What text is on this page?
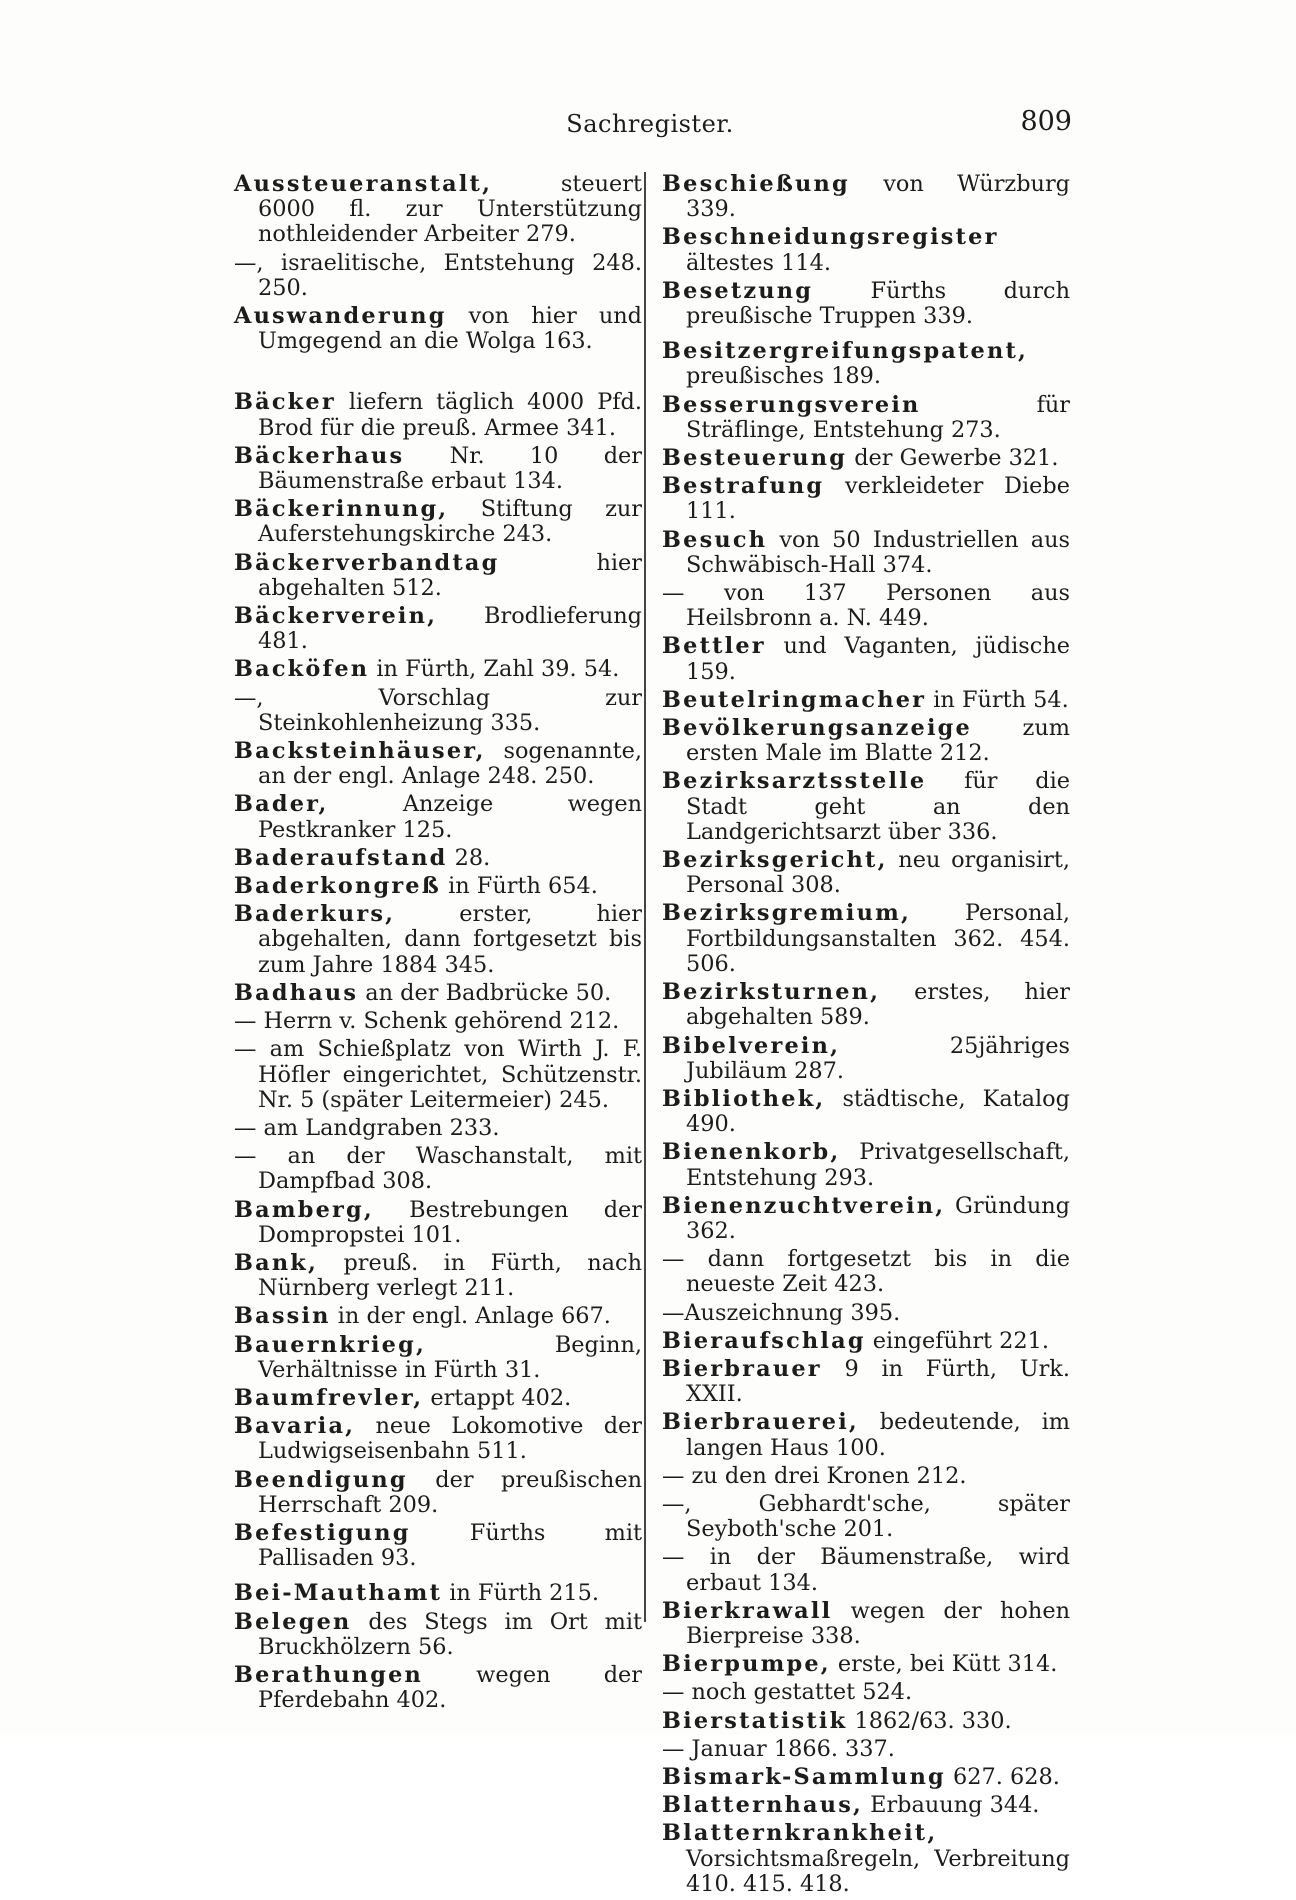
Sachregister.	809
Aussteueranstalt, steuert 6000 fl. zur Unterstützung nothleidender Arbeiter 279.
—, israelitische, Entstehung 248. 250.
Auswanderung von hier und Umgegend an die Wolga 163.
Bäcker liefern täglich 4000 Pfd. Brod für die preuß. Armee 341.
Bäckerhaus Nr. 10 der Bäumenstraße erbaut 134.
Bäckerinnung, Stiftung zur Auferstehungskirche 243.
Bäckerverbandtag hier abgehalten 512.
Bäckerverein, Brodlieferung 481.
Backöfen in Fürth, Zahl 39. 54.
—, Vorschlag zur Steinkohlenheizung 335.
Backsteinhäuser, sogenannte, an der engl. Anlage 248. 250.
Bader, Anzeige wegen Pestkranker 125.
Baderaufstand 28.
Baderkongreß in Fürth 654.
Baderkurs, erster, hier abgehalten, dann fortgesetzt bis zum Jahre 1884 345.
Badhaus an der Badbrücke 50.
— Herrn v. Schenk gehörend 212.
— am Schießplatz von Wirth J. F. Höfler eingerichtet, Schützenstr. Nr. 5 (später Leitermeier) 245.
— am Landgraben 233.
— an der Waschanstalt, mit Dampfbad 308.
Bamberg, Bestrebungen der Dompropstei 101.
Bank, preuß. in Fürth, nach Nürnberg verlegt 211.
Bassin in der engl. Anlage 667.
Bauernkrieg, Beginn, Verhältnisse in Fürth 31.
Baumfrevler, ertappt 402.
Bavaria, neue Lokomotive der Ludwigseisenbahn 511.
Beendigung der preußischen Herrschaft 209.
Befestigung Fürths mit Pallisaden 93.
Bei-Mauthamt in Fürth 215.
Belegen des Stegs im Ort mit Bruckhölzern 56.
Berathungen wegen der Pferdebahn 402.
Beschießung von Würzburg 339.
Beschneidungsregister ältestes 114.
Besetzung Fürths durch preußische Truppen 339.
Besitzergreifungspatent, preußisches 189.
Besserungsverein für Sträflinge, Entstehung 273.
Besteuerung der Gewerbe 321.
Bestrafung verkleideter Diebe 111.
Besuch von 50 Industriellen aus Schwäbisch-Hall 374.
— von 137 Personen aus Heilsbronn a. N. 449.
Bettler und Vaganten, jüdische 159.
Beutelringmacher in Fürth 54.
Bevölkerungsanzeige zum ersten Male im Blatte 212.
Bezirksarztsstelle für die Stadt geht an den Landgerichtsarzt über 336.
Bezirksgericht, neu organisirt, Personal 308.
Bezirksgremium, Personal, Fortbildungsanstalten 362. 454. 506.
Bezirksturnen, erstes, hier abgehalten 589.
Bibelverein, 25jähriges Jubiläum 287.
Bibliothek, städtische, Katalog 490.
Bienenkorb, Privatgesellschaft, Entstehung 293.
Bienenzuchtverein, Gründung 362.
— dann fortgesetzt bis in die neueste Zeit 423.
—Auszeichnung 395.
Bieraufschlag eingeführt 221.
Bierbrauer 9 in Fürth, Urk. XXII.
Bierbrauerei, bedeutende, im langen Haus 100.
— zu den drei Kronen 212.
—, Gebhardt'sche, später Seyboth'sche 201.
— in der Bäumenstraße, wird erbaut 134.
Bierkrawall wegen der hohen Bierpreise 338.
Bierpumpe, erste, bei Kütt 314.
— noch gestattet 524.
Bierstatistik 1862/63. 330.
— Januar 1866. 337.
Bismark-Sammlung 627. 628.
Blatternhaus, Erbauung 344.
Blatternkrankheit, Vorsichtsmaßregeln, Verbreitung 410. 415. 418.
